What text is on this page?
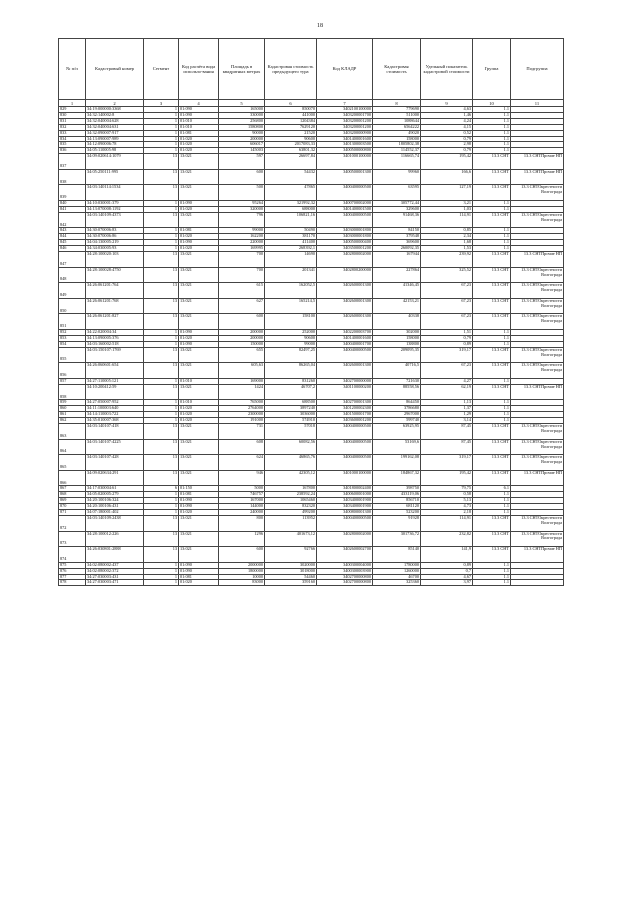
18
№ п/п	Кадастровый номер	Сегмент	Код расчёта вида использо-вания	Площадь в квадратных метрах	Кадастровая стоимость предыдущего тура	Код КЛАДР	Кадастровая стоимость	Удельный показатель кадастровой стоимости	Группа	Подгруппа
1	2	3	4	5	6	7	8	9	10	11
829	34:19:000000:3368	1	01:090	165000	850070	3402100100000	779690	4,63	1.1	
830	34:32:140002:8	1	01:090	330000	441000	3403200001700	511000	1,46	1.1	
831	34:32:040004:628	1	01:010	256800	1204384	3403200001200	1088644	4,24	1.1	
832	34:32:040004:631	1	01:010	1580800	7629120	3403200001200	6564222	4,15	1.1	
833	34:32:090007:917	1	01:081	90000	21520	3403200000900	49020	0,52	1.1	
834	34:13:090007:989	1	01:020	200000	90600	3401400001600	158000	0,79	1.1	
835	34:12:090006:78	1	01:020	606017	2017083,33	3401300003500	1805802,38	2,98	1.1	
836	34:05:110005:98	1	01:020	145003	63801,32	3400500000800	114552,37	0,79	1.1	
837	34:09:020614:1079	13	13:021	597	26697,84	3401000100000	116665,74	195,42	13.3 СНТ	13.3 СНТПрочие НП
838	34:05:250111:995	13	13:021	600	54432	3400500001300	99960	166,6	13.3 СНТ	13.3 СНТПрочие НП
839	34:03:140114:1534	13	13:021	500	47865	3400400000500	63595	127,19	13.3 СНТ	13.3 СНТОкрестности Волгограда
840	34:10:030001:379	1	01:090	95264	321992,32	3400700002000	305772,44	3,21	1.1	
841	34:13:070008:1192	1	01:020	320000	688000	3401400001500	329600	1,03	1.1	
842	34:03:140109:4373	13	13:021	796	106821,16	3400400000500	91468,36	114,91	13.3 СНТ	13.3 СНТОкрестности Волгограда
843	34:30:070006:83	1	01:081	99000	50490	3403000001800	84150	0,85	1.1	
844	34:30:070006:86	1	01:020	162200	381170	3403000001800	379548	2,34	1.1	
845	34:04:130005:219	1	01:090	220000	411400	3400500000400	369600	1,68	1.1	
846	34:34:030005:93	1	01:020	169995	268392,1	3403500001200	260092,35	1,53	1.1	
847	34:28:100020:103	13	13:021	700	14690	3402800002000	167944	239,92	13.3 СНТ	13.3 СНТПрочие НП
848	34:28:100028:4750	13	13:021	700	201341	3402800200000	227864	325,52	13.3 СНТ	13.3 СНТОкрестности Волгограда
849	34:26:061201:764	13	13:021	615	162052,5	3402600001300	41346,45	67,23	13.3 СНТ	13.3 СНТОкрестности Волгограда
850	34:26:061201:768	13	13:021	627	165214,5	3402600001300	42153,21	67,23	13.3 СНТ	13.3 СНТОкрестности Волгограда
851	34:26:061201:827	13	13:021	600	158100	3402600001300	40338	67,23	13.3 СНТ	13.3 СНТОкрестности Волгограда
852	34:22:020004:34	1	01:090	200000	252000	3402200003700	302000	1,51	1.1	
853	34:13:090005:376	1	01:020	200000	90600	3401400001600	158000	0,79	1.1	
854	34:03:160002:518	1	01:090	150000	99000	3400400001700	138800	0,89	1.1	
855	34:03:150107:1769	13	13:021	655	82497,25	3400400000500	209095,35	319,17	13.3 СНТ	13.3 СНТОкрестности Волгограда
856	34:26:060601:654	13	13:021	605,63	86265,04	3402600001300	40716,5	67,23	13.3 СНТ	13.3 СНТОкрестности Волгограда
857	34:27:110005:121	1	01:010	169000	831260	3402700000000	721630	4,27	1.1	
858	34:10:200412:59	13	13:021	1424	46707,2	3401100000200	88558,56	62,19	13.3 СНТ	13.3 СНТПрочие НП
859	34:27:050007:952	1	01:010	765000	688500	3402700001300	864450	1,13	1.1	
860	34:11:100003:640	1	01:020	2764000	3897240	3401200002300	3786680	1,37	1.1	
861	34:14:110003:722	1	01:020	2300000	3036000	3401500001700	2967000	1,29	1.1	
862	34:35:010007:368	1	01:020	191000	574910	3403600001200	599740	3,14	1.1	
863	34:03:140107:418	13	13:021	731	57018	3400400000500	63925,95	87,45	13.3 СНТ	13.3 СНТОкрестности Волгограда
864	34:03:140107:4225	13	13:021	608	60082,56	3400400000500	53169,6	87,45	13.3 СНТ	13.3 СНТОкрестности Волгограда
865	34:03:140107:428	13	13:021	624	46865,76	3400400000500	199162,08	319,17	13.3 СНТ	13.3 СНТОкрестности Волгограда
866	34:09:020634:291	13	13:021	946	42305,12	3401000100000	184867,32	195,42	13.3 СНТ	13.3 СНТПрочие НП
867	34:17:030004:61	6	01:150	5000	167800	3401800002400	398750	79,75	6.1	
868	34:05:020005:279	1	01:081	746757	238592,24	3400600001000	433119,06	0,58	1.1	
869	34:20:100106:324	1	01:090	167000	1065460	3403400001900	856710	5,13	1.1	
870	34:20:100106:431	1	01:090	144000	832320	3403400001900	681120	4,73	1.1	
871	34:07:180001:402	1	01:020	240000	499200	3400800001300	523200	2,18	1.1	
872	34:03:140109:2438	13	13:021	800	113952	3400400000500	91928	114,91	13.3 СНТ	13.3 СНТОкрестности Волгограда
873	34:28:100012:226	13	13:021	1296	401673,12	3402800002000	301736,72	232,82	13.3 СНТ	13.3 СНТОкрестности Волгограда
874	34:26:030801:2888	13	13:021	600	92766	3402600002700	85140	141,9	13.3 СНТ	13.3 СНТПрочие НП
875	34:02:080002:437	1	01:090	2000000	3020000	3400300004000	1780000	0,89	1.1	
876	34:02:080002:372	1	01:090	1800000	3018000	3400300003900	1260000	0,7	1.1	
877	34:27:030003:431	1	01:081	10000	54460	3402700000800	46700	4,67	1.1	
878	34:27:030003:471	1	01:020	83000	359160	3402700000800	325360	3,97	1.1	
